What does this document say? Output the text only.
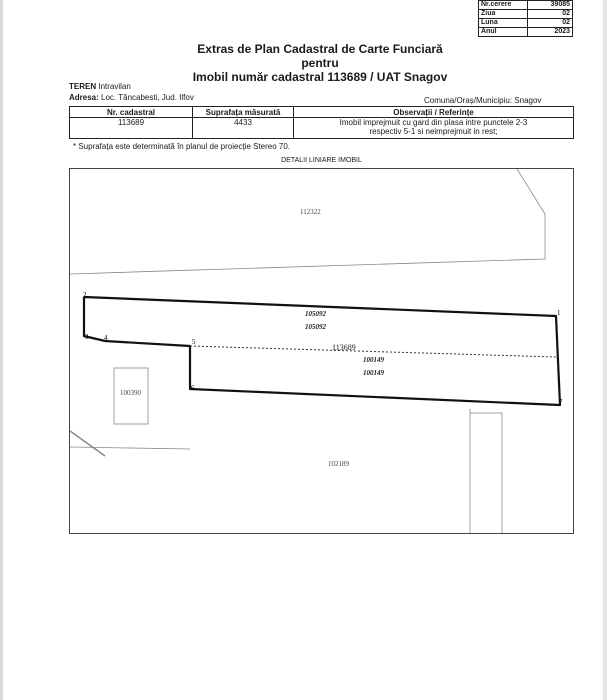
Nr.cerere	39085
Ziua	02
Luna	02
Anul	2023
Extras de Plan Cadastral de Carte Funciară
pentru
Imobil număr cadastral 113689 / UAT Snagov
TEREN Intravilan
Adresa: Loc. Tăncabesti, Jud. Ilfov	Comuna/Oraș/Municipiu: Snagov
Nr. cadastral	Suprafața măsurată	Observații / Referințe
113689	4433	Imobil imprejmuit cu gard din plasa intre punctele 2-3
respectiv 5-1 si neimprejmuit in rest;
* Suprafața este determinată în planul de proiecție Stereo 70.
DETALII LINIARE IMOBIL
2
1
3 4	5
6
7
112322
105092
105092
113689
100149
100149
100390
102189
